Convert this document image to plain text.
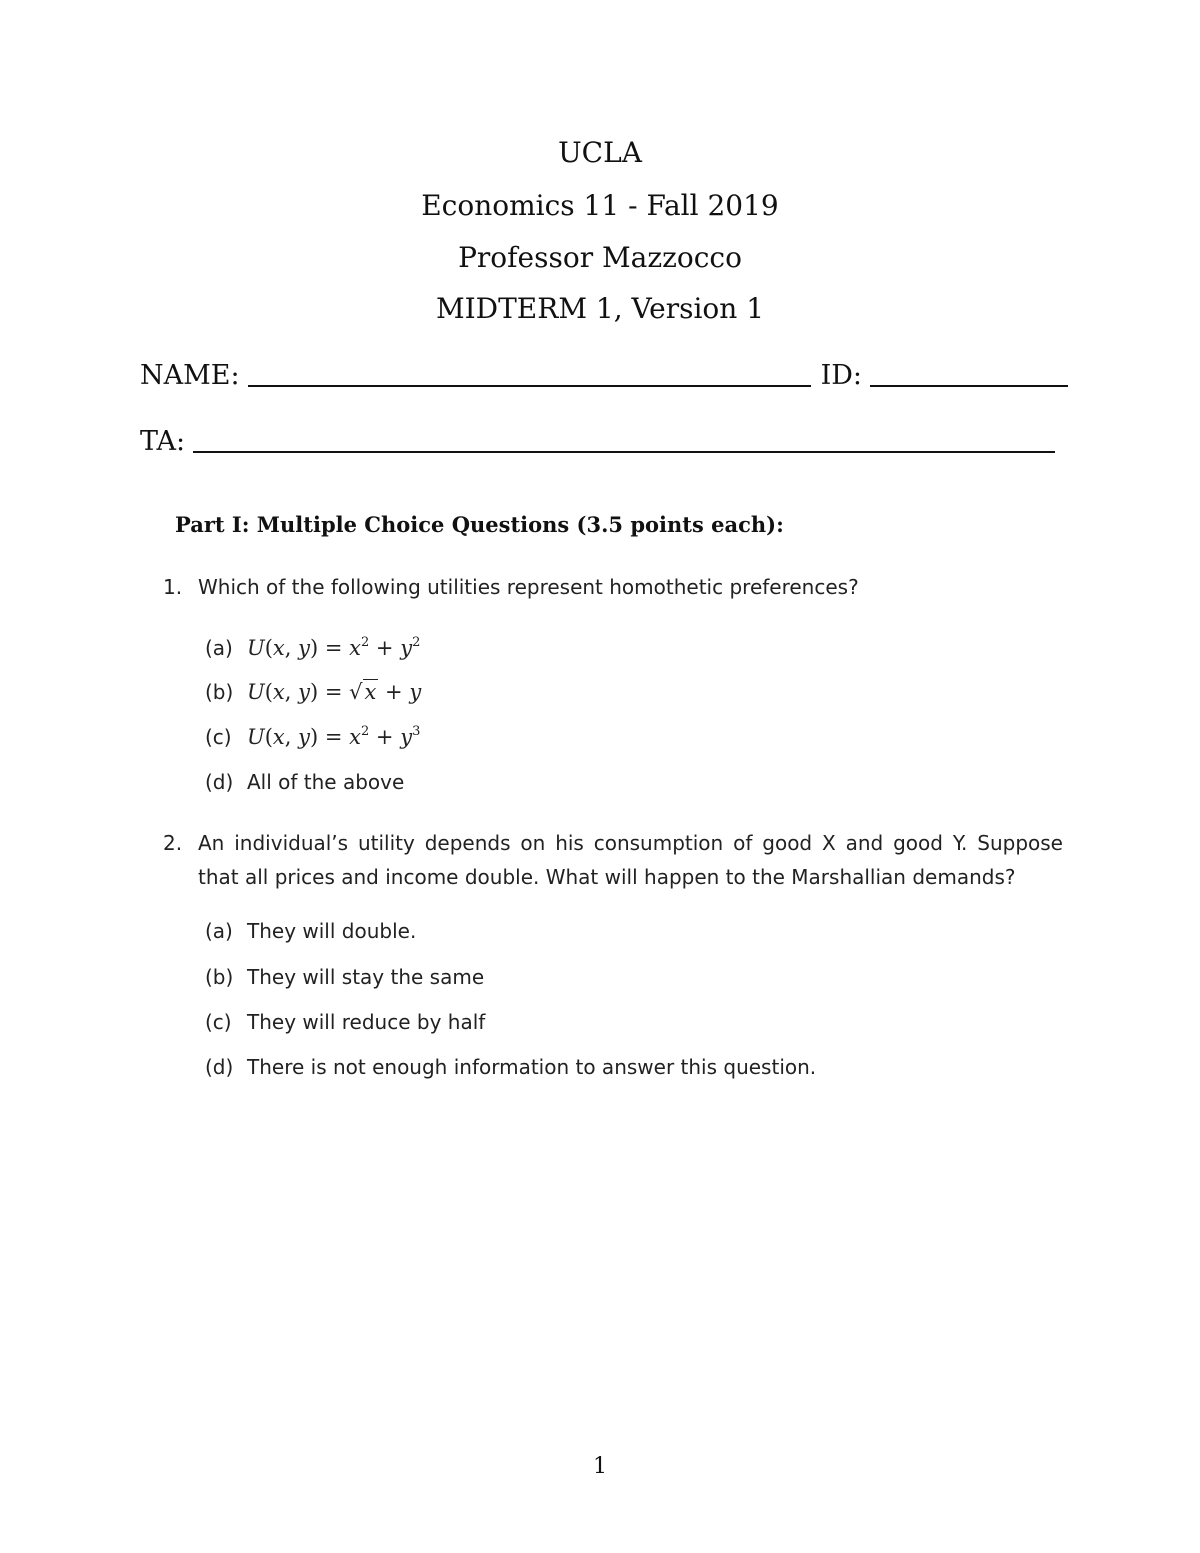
UCLA
Economics 11 - Fall 2019
Professor Mazzocco
MIDTERM 1, Version 1
NAME:	ID:
TA:
Part I: Multiple Choice Questions (3.5 points each):
1. Which of the following utilities represent homothetic preferences?
(a) U(x, $y) = x^2 + y^2$
(b) U(x, y) = √x + y
(c) U(x, $y) = x^2 + y^3$
(d) All of the above
2. An individual’s utility depends on his consumption of good X and good Y. Suppose that all prices and income double. What will happen to the Marshallian demands?
(a) They will double.
(b) They will stay the same
(c) They will reduce by half
(d) There is not enough information to answer this question.
1
